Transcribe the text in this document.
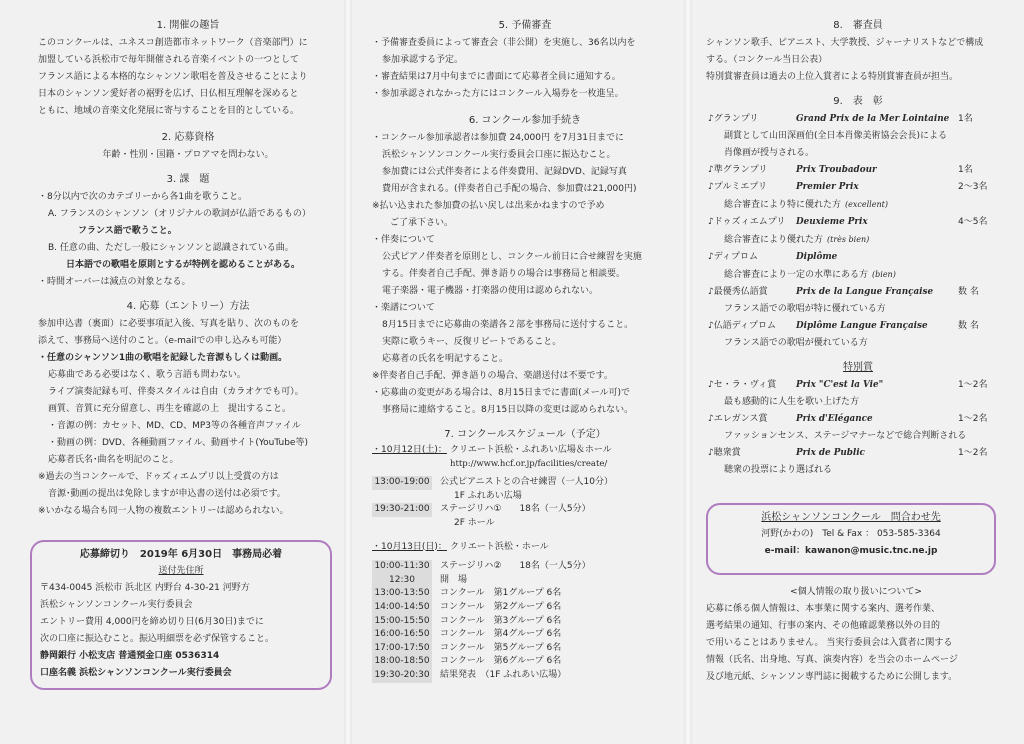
1. 開催の趣旨
このコンクールは、ユネスコ創造都市ネットワーク（音楽部門）に
加盟している浜松市で毎年開催される音楽イベントの一つとして
フランス語による本格的なシャンソン歌唱を普及させることにより
日本のシャンソン愛好者の裾野を広げ、日仏相互理解を深めると
ともに、地域の音楽文化発展に寄与することを目的としている。
2. 応募資格
年齢・性別・国籍・プロアマを問わない。
3. 課　題
・8分以内で次のカテゴリーから各1曲を歌うこと。
A. フランスのシャンソン（オリジナルの歌詞が仏語であるもの）
フランス語で歌うこと。
B. 任意の曲、ただし一般にシャンソンと認識されている曲。
日本語での歌唱を原則とするが特例を認めることがある。
・時間オーバーは減点の対象となる。
4. 応募（エントリー）方法
参加申込書（裏面）に必要事項記入後、写真を貼り、次のものを
添えて、事務局へ送付のこと。（e-mailでの申し込みも可能）
・任意のシャンソン1曲の歌唱を記録した音源もしくは動画。
応募曲である必要はなく、歌う言語も問わない。
ライブ演奏記録も可、伴奏スタイルは自由（カラオケでも可）。
画質、音質に充分留意し、再生を確認の上　提出すること。
・音源の例：カセット、MD、CD、MP3等の各種音声ファイル
・動画の例：DVD、各種動画ファイル、動画サイト(YouTube等)
応募者氏名･曲名を明記のこと。
※過去の当コンクールで、ドゥズィエムプリ以上受賞の方は
音源･動画の提出は免除しますが申込書の送付は必須です。
※いかなる場合も同一人物の複数エントリーは認められない。
応募締切り　2019年 6月30日　事務局必着
送付先住所
〒434-0045 浜松市 浜北区 内野台 4-30-21 河野方
浜松シャンソンコンクール実行委員会
エントリー費用 4,000円を締め切り日(6月30日)までに
次の口座に振込むこと。振込明細票を必ず保管すること。
静岡銀行 小松支店 普通預金口座 0536314
口座名義 浜松シャンソンコンクール実行委員会
5. 予備審査
・予備審査委員によって審査会（非公開）を実施し、36名以内を
参加承認する予定。
・審査結果は7月中旬までに書面にて応募者全員に通知する。
・参加承認されなかった方にはコンクール入場券を一枚進呈。
6. コンクール参加手続き
・コンクール参加承認者は参加費 24,000円 を7月31日までに
浜松シャンソンコンクール実行委員会口座に振込むこと。
参加費には公式伴奏者による伴奏費用、記録DVD、記録写真
費用が含まれる。(伴奏者自己手配の場合、参加費は21,000円)
※払い込まれた参加費の払い戻しは出来かねますので予め
ご了承下さい。
・伴奏について
公式ピアノ伴奏者を原則とし、コンクール前日に合せ練習を実施
する。伴奏者自己手配、弾き語りの場合は事務局と相談要。
電子楽器・電子機器・打楽器の使用は認められない。
・楽譜について
8月15日までに応募曲の楽譜各２部を事務局に送付すること。
実際に歌うキー、反復リピートであること。
応募者の氏名を明記すること。
※伴奏者自己手配、弾き語りの場合、楽譜送付は不要です。
・応募曲の変更がある場合は、8月15日までに書面(メール可)で
事務局に連絡すること。8月15日以降の変更は認められない。
7. コンクールスケジュール（予定）
・10月12日(土)： クリエート浜松・ふれあい広場＆ホール
http://www.hcf.or.jp/facilities/create/
13:00-19:00 公式ピアニストとの合せ練習（一人10分）
1F ふれあい広場
19:30-21:00 ステージリハ①　　18名（一人5分）
2F ホール
・10月13日(日)： クリエート浜松・ホール
10:00-11:30 ステージリハ②　　18名（一人5分）
12:30	開　場
13:00-13:50 コンクール　第1グループ 6名
14:00-14:50 コンクール　第2グループ 6名
15:00-15:50 コンクール　第3グループ 6名
16:00-16:50 コンクール　第4グループ 6名
17:00-17:50 コンクール　第5グループ 6名
18:00-18:50 コンクール　第6グループ 6名
19:30-20:30 結果発表　（1F ふれあい広場）
8.　審査員
シャンソン歌手、ピアニスト、大学教授、ジャーナリストなどで構成
する。（コンクール当日公表）
特別賞審査員は過去の上位入賞者による特別賞審査員が担当。
9.　表　彰
♪グランプリ	Grand Prix de la Mer Lointaine 1名
副賞として山田深画伯(全日本肖像美術協会会長)による
肖像画が授与される。
♪準グランプリ	Prix Troubadour	1名
♪プルミエプリ	Premier Prix	2〜3名
総合審査により特に優れた方 (excellent)
♪ドゥズィエムプリ	Deuxieme Prix	4〜5名
総合審査により優れた方 (très bien)
♪ディプロム	Diplôme
総合審査により一定の水準にある方 (bien)
♪最優秀仏語賞	Prix de la Langue Française	数 名
フランス語での歌唱が特に優れている方
♪仏語ディプロム	Diplôme Langue Française	数 名
フランス語での歌唱が優れている方
特別賞
♪セ・ラ・ヴィ賞	Prix "C'est la Vie"	1〜2名
最も感動的に人生を歌い上げた方
♪エレガンス賞	Prix d'Elégance	1〜2名
ファッションセンス、ステージマナーなどで総合判断される
♪聴衆賞	Prix de Public	1〜2名
聴衆の投票により選ばれる
浜松シャンソンコンクール　問合わせ先
河野(かわの)　Tel & Fax ： 053-585-3364
e-mail：kawanon@music.tnc.ne.jp
<個人情報の取り扱いについて>
応募に係る個人情報は、本事業に関する案内、選考作業、
選考結果の通知、行事の案内、その他確認業務以外の目的
で用いることはありません。 当実行委員会は入賞者に関する
情報（氏名、出身地、写真、演奏内容）を当会のホームページ
及び地元紙、シャンソン専門誌に掲載するために公開します。
